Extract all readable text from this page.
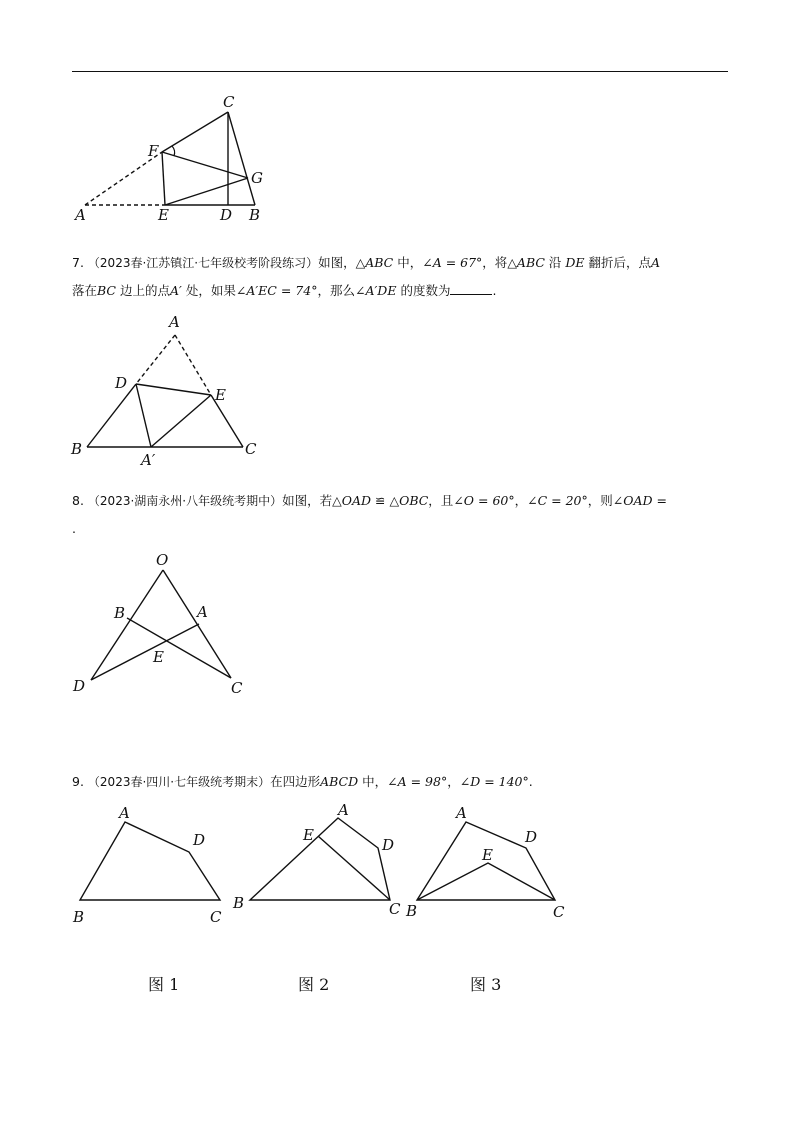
C
F
G
A	E	D B
7. （2023春·江苏镇江·七年级校考阶段练习）如图，△ABC 中，∠A = 67°，将△ABC 沿 DE 翻折后，点A
落在BC 边上的点A′ 处，如果∠A′EC = 74°，那么∠A′DE 的度数为	.
A
D
E
B
A′
C
8. （2023·湖南永州·八年级统考期中）如图，若△OAD ≌ △OBC，且∠O = 60°，∠C = 20°，则∠OAD =
.
O
B	A
E
D	C
9. （2023春·四川·七年级统考期末）在四边形ABCD 中，∠A = 98°，∠D = 140°.
A
D
B	C
A
E
D
B	C
A
D
E
B	C
图 1	图 2	图 3
